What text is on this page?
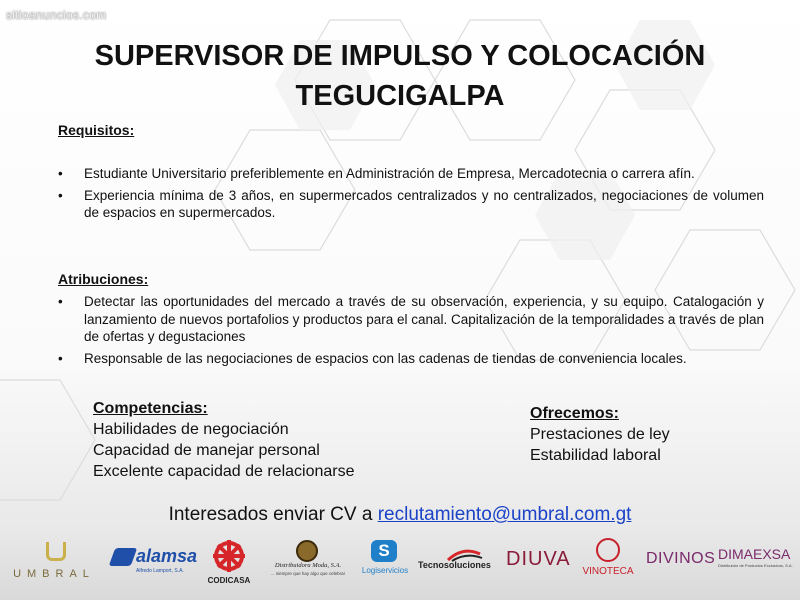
sitioanuncios.com
SUPERVISOR DE IMPULSO Y COLOCACIÓN
TEGUCIGALPA
Requisitos:
• Estudiante Universitario preferiblemente en Administración de Empresa, Mercadotecnia o carrera afín.
• Experiencia mínima de 3 años, en supermercados centralizados y no centralizados, negociaciones de volumen de espacios en supermercados.
Atribuciones:
• Detectar las oportunidades del mercado a través de su observación, experiencia, y su equipo. Catalogación y lanzamiento de nuevos portafolios y productos para el canal. Capitalización de la temporalidades a través de plan de ofertas y degustaciones
• Responsable de las negociaciones de espacios con las cadenas de tiendas de conveniencia locales.
Competencias:
Habilidades de negociación
Capacidad de manejar personal
Excelente capacidad de relacionarse
Ofrecemos:
Prestaciones de ley
Estabilidad laboral
Interesados enviar CV a reclutamiento@umbral.com.gt
UMBRAL
alamsa
Alfredo Lamport, S.A.
CODICASA
Distribuidora Moda, S.A.
... siempre que hay algo que celebrar
S
Logiservicios
Tecnosoluciones DIUVA
VINOTECA
DIVINOS DIMAEXSA
Distribuidor de Productos Exclusivos, S.A.
